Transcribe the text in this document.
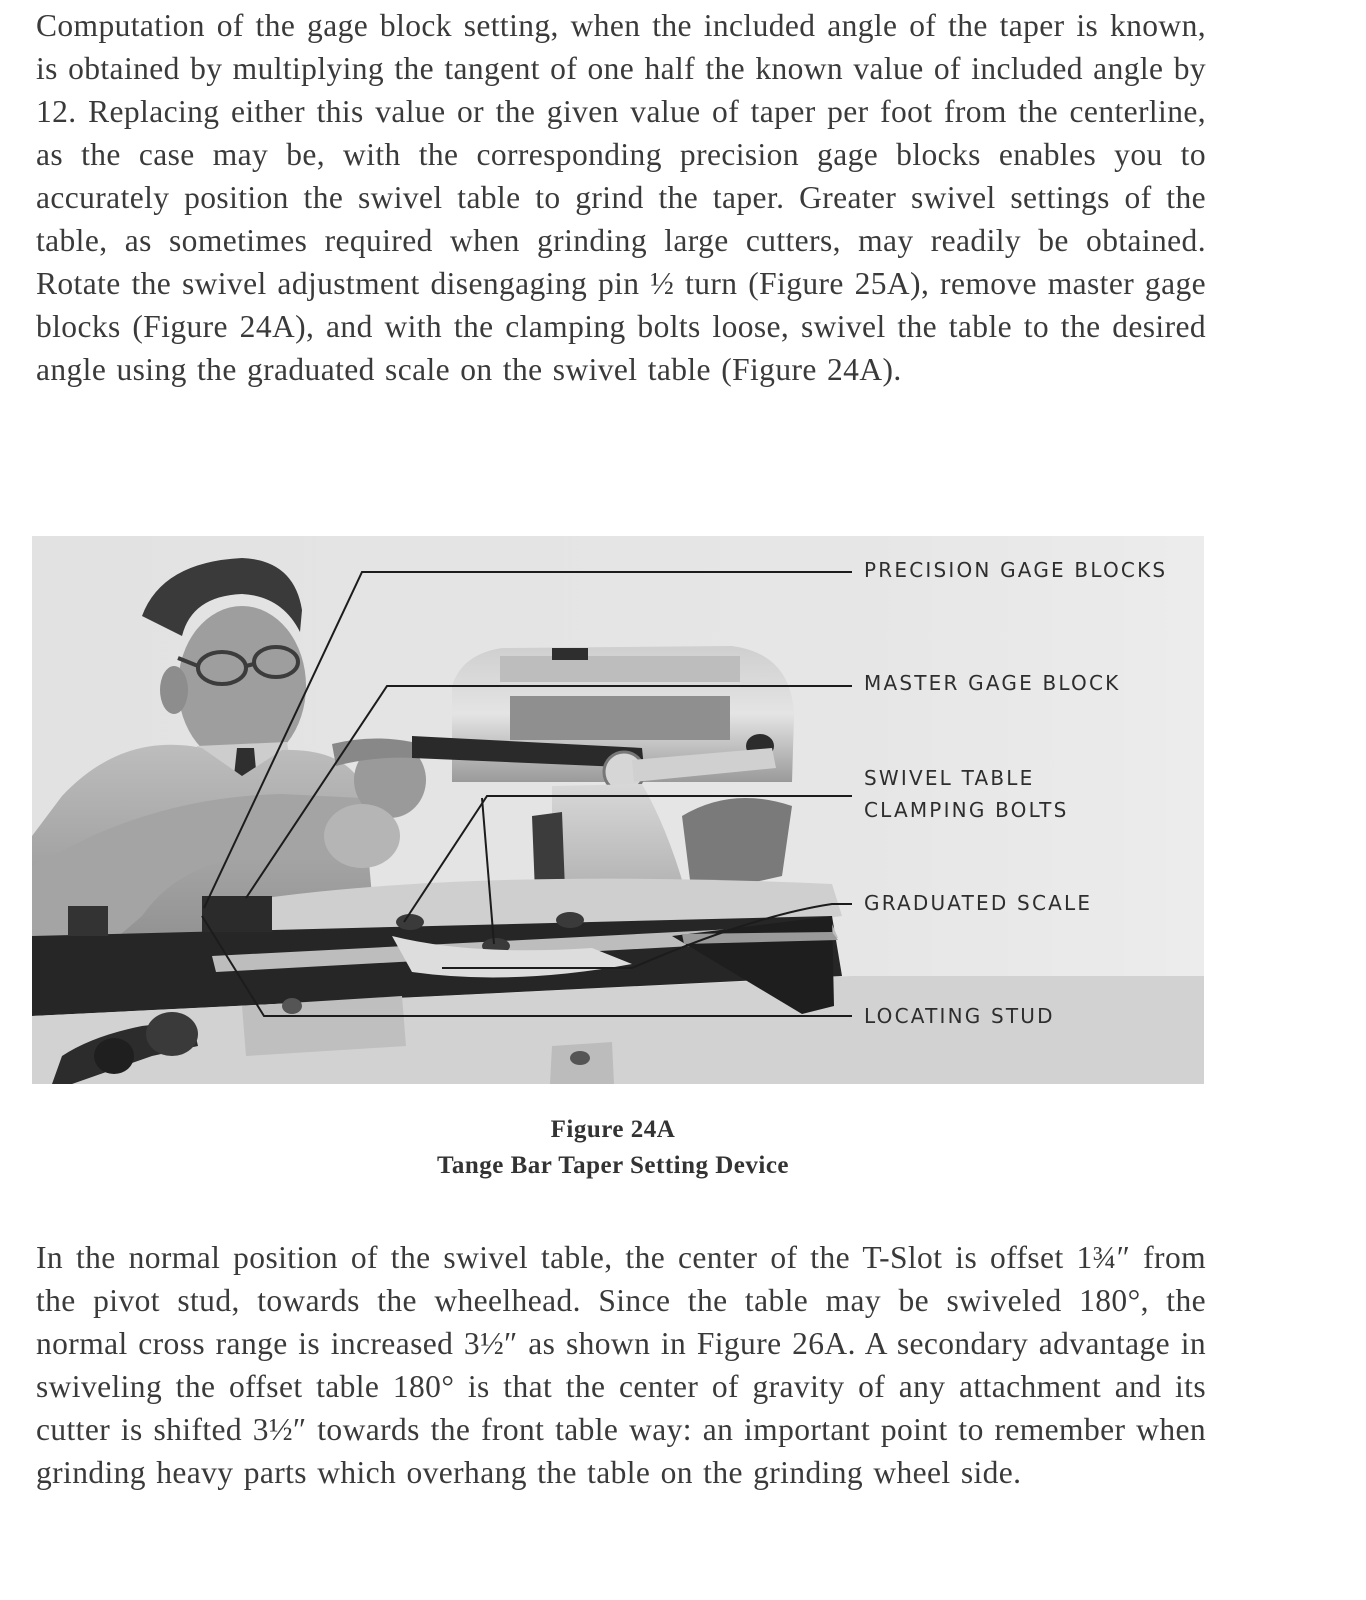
Computation of the gage block setting, when the included angle of the taper is known, is obtained by multiplying the tangent of one half the known value of included angle by 12. Replacing either this value or the given value of taper per foot from the centerline, as the case may be, with the corresponding precision gage blocks enables you to accurately position the swivel table to grind the taper. Greater swivel settings of the table, as sometimes required when grinding large cutters, may readily be obtained. Rotate the swivel adjustment disengaging pin ½ turn (Figure 25A), remove master gage blocks (Figure 24A), and with the clamping bolts loose, swivel the table to the desired angle using the graduated scale on the swivel table (Figure 24A).

PRECISION GAGE BLOCKS
MASTER GAGE BLOCK
SWIVEL TABLE
CLAMPING BOLTS
GRADUATED SCALE
LOCATING STUD
Figure 24A
Tange Bar Taper Setting Device

In the normal position of the swivel table, the center of the T-Slot is offset 1¾″ from the pivot stud, towards the wheelhead. Since the table may be swiveled 180°, the normal cross range is increased 3½″ as shown in Figure 26A. A secondary advantage in swiveling the offset table 180° is that the center of gravity of any attachment and its cutter is shifted 3½″ towards the front table way: an important point to remember when grinding heavy parts which overhang the table on the grinding wheel side.
